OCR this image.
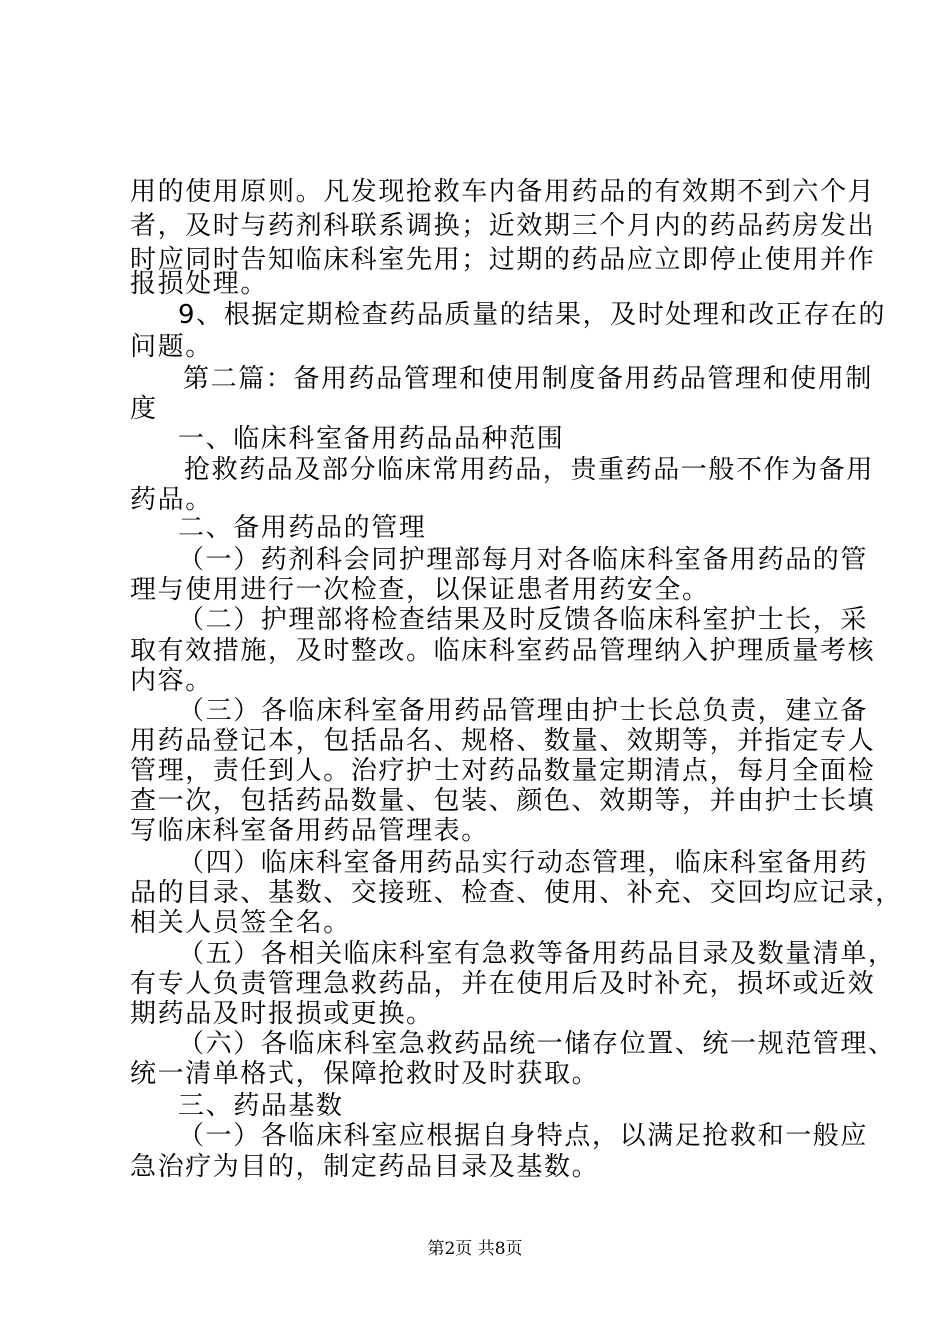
用的使用原则。凡发现抢救车内备用药品的有效期不到六个月
者，及时与药剂科联系调换；近效期三个月内的药品药房发出
时应同时告知临床科室先用；过期的药品应立即停止使用并作
报损处理。
9、根据定期检查药品质量的结果，及时处理和改正存在的
问题。
第二篇：备用药品管理和使用制度备用药品管理和使用制
度
一、临床科室备用药品品种范围
抢救药品及部分临床常用药品，贵重药品一般不作为备用
药品。
二、备用药品的管理
（一）药剂科会同护理部每月对各临床科室备用药品的管
理与使用进行一次检查，以保证患者用药安全。
（二）护理部将检查结果及时反馈各临床科室护士长，采
取有效措施，及时整改。临床科室药品管理纳入护理质量考核
内容。
（三）各临床科室备用药品管理由护士长总负责，建立备
用药品登记本，包括品名、规格、数量、效期等，并指定专人
管理，责任到人。治疗护士对药品数量定期清点，每月全面检
查一次，包括药品数量、包装、颜色、效期等，并由护士长填
写临床科室备用药品管理表。
（四）临床科室备用药品实行动态管理，临床科室备用药
品的目录、基数、交接班、检查、使用、补充、交回均应记录，
相关人员签全名。
（五）各相关临床科室有急救等备用药品目录及数量清单，
有专人负责管理急救药品，并在使用后及时补充，损坏或近效
期药品及时报损或更换。
（六）各临床科室急救药品统一储存位置、统一规范管理、
统一清单格式，保障抢救时及时获取。
三、药品基数
（一）各临床科室应根据自身特点，以满足抢救和一般应
急治疗为目的，制定药品目录及基数。
第2页 共8页
